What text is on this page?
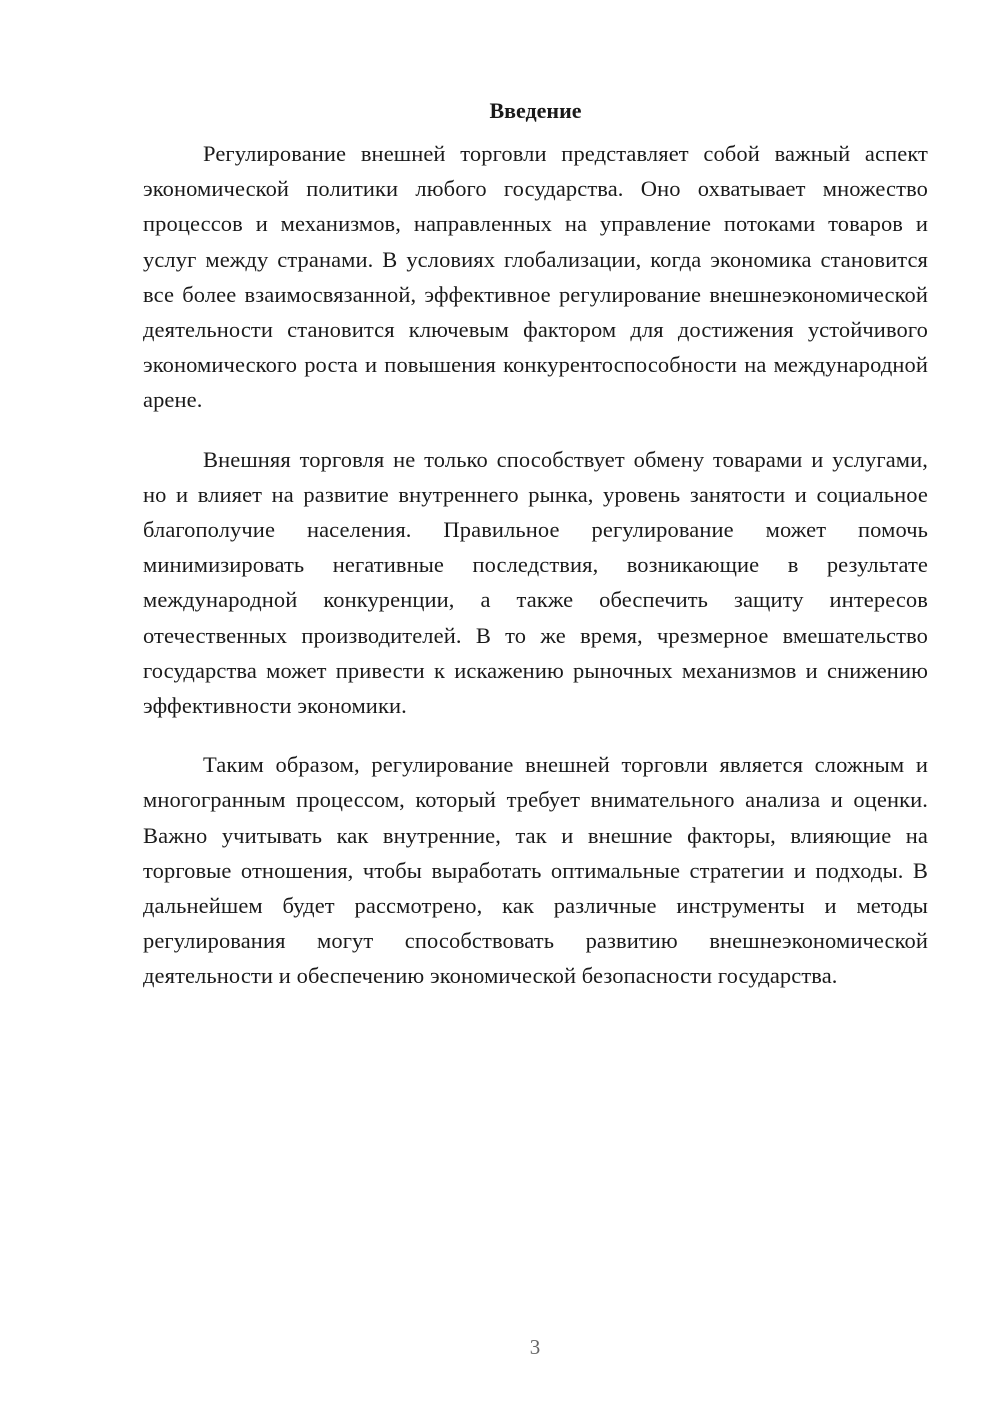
Введение

Регулирование внешней торговли представляет собой важный аспект экономической политики любого государства. Оно охватывает множество процессов и механизмов, направленных на управление потоками товаров и услуг между странами. В условиях глобализации, когда экономика становится все более взаимосвязанной, эффективное регулирование внешнеэкономической деятельности становится ключевым фактором для достижения устойчивого экономического роста и повышения конкурентоспособности на международной арене.

Внешняя торговля не только способствует обмену товарами и услугами, но и влияет на развитие внутреннего рынка, уровень занятости и социальное благополучие населения. Правильное регулирование может помочь минимизировать негативные последствия, возникающие в результате международной конкуренции, а также обеспечить защиту интересов отечественных производителей. В то же время, чрезмерное вмешательство государства может привести к искажению рыночных механизмов и снижению эффективности экономики.

Таким образом, регулирование внешней торговли является сложным и многогранным процессом, который требует внимательного анализа и оценки. Важно учитывать как внутренние, так и внешние факторы, влияющие на торговые отношения, чтобы выработать оптимальные стратегии и подходы. В дальнейшем будет рассмотрено, как различные инструменты и методы регулирования могут способствовать развитию внешнеэкономической деятельности и обеспечению экономической безопасности государства.

3
